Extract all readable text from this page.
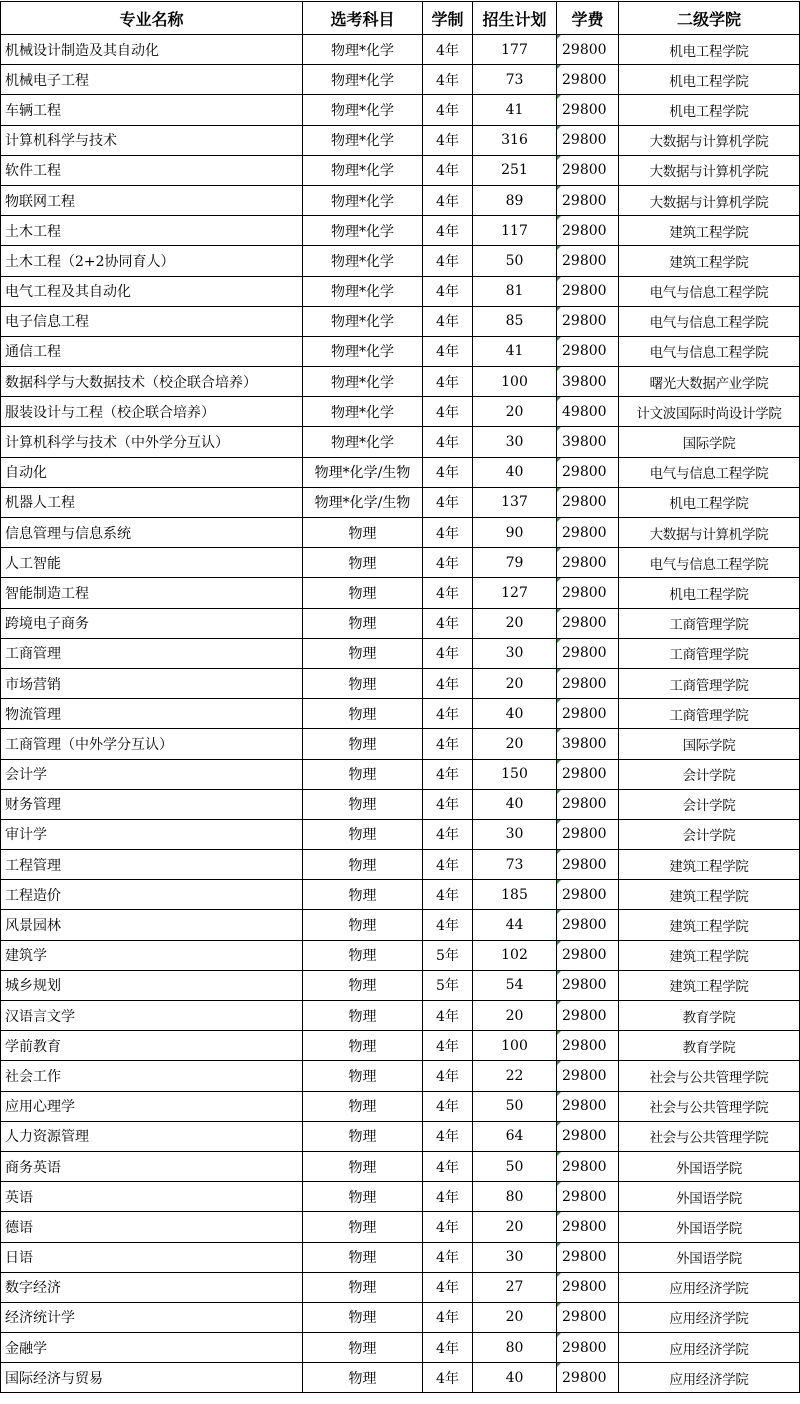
专业名称	选考科目	学制	招生计划	学费	二级学院
机械设计制造及其自动化	物理*化学	4年	177	29800	机电工程学院
机械电子工程	物理*化学	4年	73	29800	机电工程学院
车辆工程	物理*化学	4年	41	29800	机电工程学院
计算机科学与技术	物理*化学	4年	316	29800	大数据与计算机学院
软件工程	物理*化学	4年	251	29800	大数据与计算机学院
物联网工程	物理*化学	4年	89	29800	大数据与计算机学院
土木工程	物理*化学	4年	117	29800	建筑工程学院
土木工程（2+2协同育人）	物理*化学	4年	50	29800	建筑工程学院
电气工程及其自动化	物理*化学	4年	81	29800	电气与信息工程学院
电子信息工程	物理*化学	4年	85	29800	电气与信息工程学院
通信工程	物理*化学	4年	41	29800	电气与信息工程学院
数据科学与大数据技术（校企联合培养）	物理*化学	4年	100	39800	曙光大数据产业学院
服装设计与工程（校企联合培养）	物理*化学	4年	20	49800	计文波国际时尚设计学院
计算机科学与技术（中外学分互认）	物理*化学	4年	30	39800	国际学院
自动化	物理*化学/生物	4年	40	29800	电气与信息工程学院
机器人工程	物理*化学/生物	4年	137	29800	机电工程学院
信息管理与信息系统	物理	4年	90	29800	大数据与计算机学院
人工智能	物理	4年	79	29800	电气与信息工程学院
智能制造工程	物理	4年	127	29800	机电工程学院
跨境电子商务	物理	4年	20	29800	工商管理学院
工商管理	物理	4年	30	29800	工商管理学院
市场营销	物理	4年	20	29800	工商管理学院
物流管理	物理	4年	40	29800	工商管理学院
工商管理（中外学分互认）	物理	4年	20	39800	国际学院
会计学	物理	4年	150	29800	会计学院
财务管理	物理	4年	40	29800	会计学院
审计学	物理	4年	30	29800	会计学院
工程管理	物理	4年	73	29800	建筑工程学院
工程造价	物理	4年	185	29800	建筑工程学院
风景园林	物理	4年	44	29800	建筑工程学院
建筑学	物理	5年	102	29800	建筑工程学院
城乡规划	物理	5年	54	29800	建筑工程学院
汉语言文学	物理	4年	20	29800	教育学院
学前教育	物理	4年	100	29800	教育学院
社会工作	物理	4年	22	29800	社会与公共管理学院
应用心理学	物理	4年	50	29800	社会与公共管理学院
人力资源管理	物理	4年	64	29800	社会与公共管理学院
商务英语	物理	4年	50	29800	外国语学院
英语	物理	4年	80	29800	外国语学院
德语	物理	4年	20	29800	外国语学院
日语	物理	4年	30	29800	外国语学院
数字经济	物理	4年	27	29800	应用经济学院
经济统计学	物理	4年	20	29800	应用经济学院
金融学	物理	4年	80	29800	应用经济学院
国际经济与贸易	物理	4年	40	29800	应用经济学院
